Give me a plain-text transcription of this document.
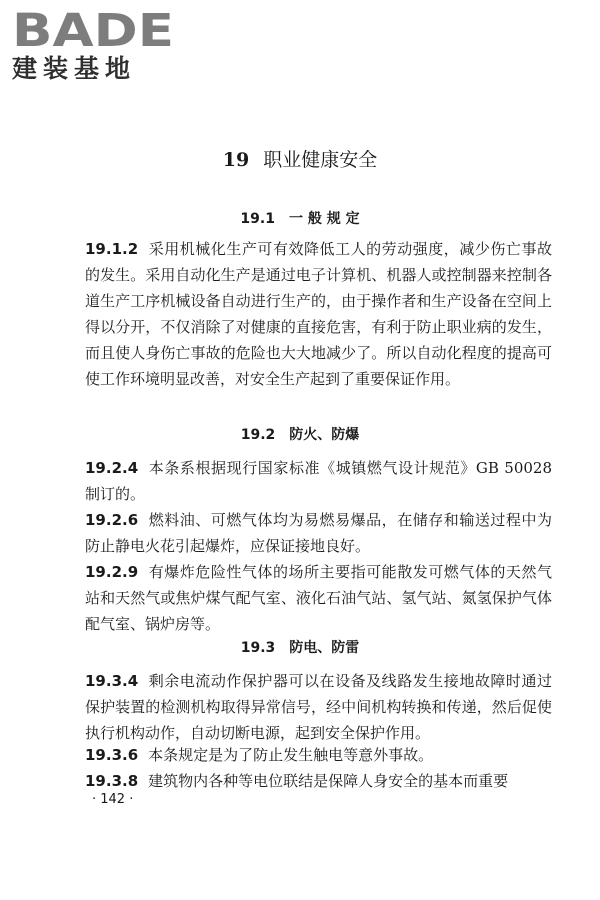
BADE
建装基地
19 职业健康安全
19.1 一 般 规 定
19.1.2 采用机械化生产可有效降低工人的劳动强度，减少伤亡事故的发生。采用自动化生产是通过电子计算机、机器人或控制器来控制各道生产工序机械设备自动进行生产的，由于操作者和生产设备在空间上得以分开，不仅消除了对健康的直接危害，有利于防止职业病的发生，而且使人身伤亡事故的危险也大大地减少了。所以自动化程度的提高可使工作环境明显改善，对安全生产起到了重要保证作用。
19.2 防火、防爆
19.2.4 本条系根据现行国家标准《城镇燃气设计规范》GB 50028制订的。
19.2.6 燃料油、可燃气体均为易燃易爆品，在储存和输送过程中为防止静电火花引起爆炸，应保证接地良好。
19.2.9 有爆炸危险性气体的场所主要指可能散发可燃气体的天然气站和天然气或焦炉煤气配气室、液化石油气站、氢气站、氮氢保护气体配气室、锅炉房等。
19.3 防电、防雷
19.3.4 剩余电流动作保护器可以在设备及线路发生接地故障时通过保护装置的检测机构取得异常信号，经中间机构转换和传递，然后促使执行机构动作，自动切断电源，起到安全保护作用。
19.3.6 本条规定是为了防止发生触电等意外事故。
19.3.8 建筑物内各种等电位联结是保障人身安全的基本而重要
· 142 ·
